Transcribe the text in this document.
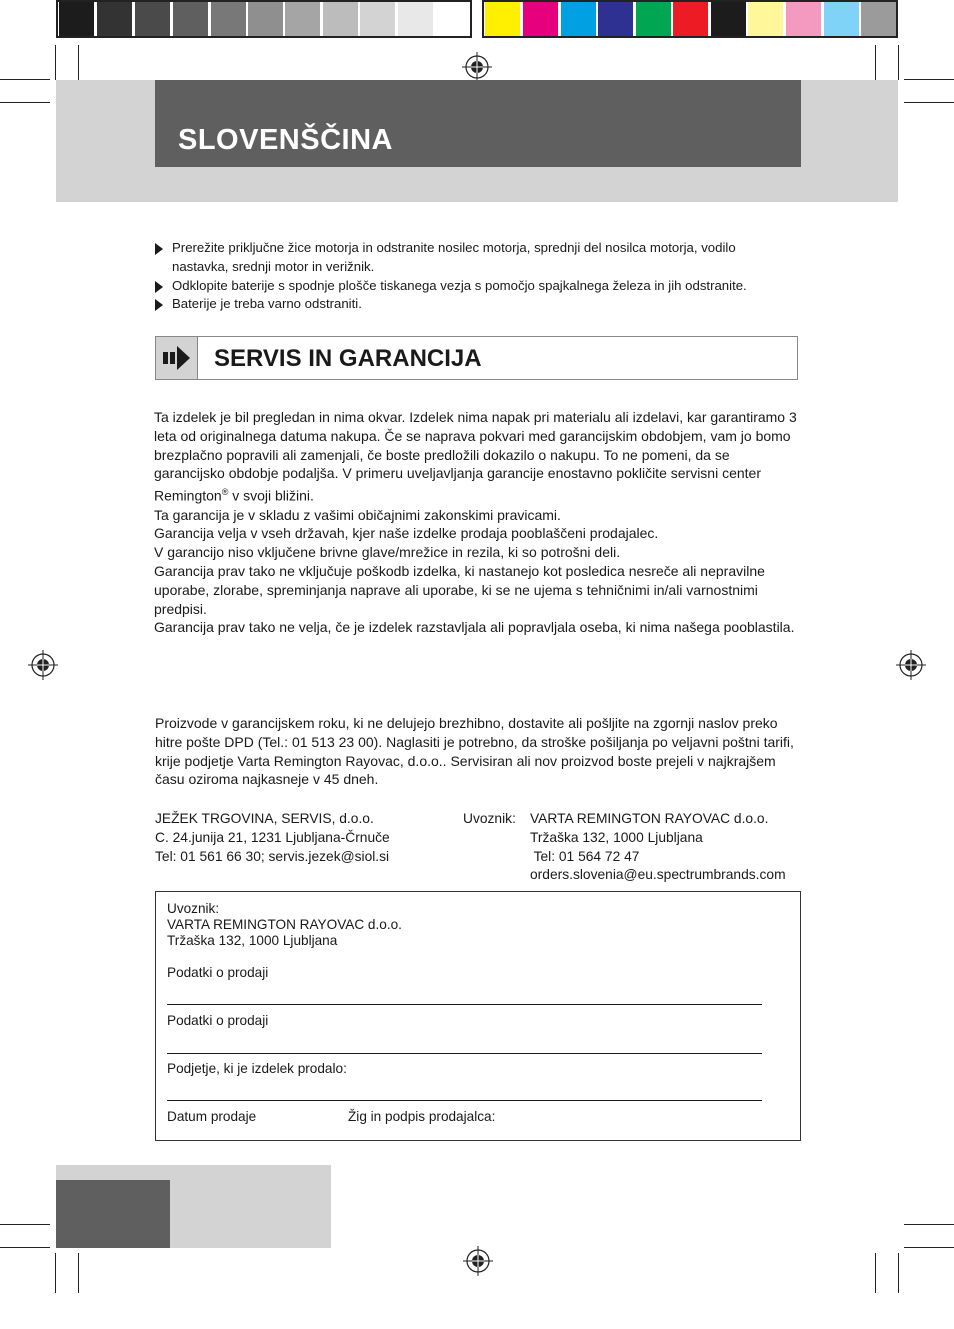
SLOVENŠČINA
Prerežite priključne žice motorja in odstranite nosilec motorja, sprednji del nosilca motorja, vodilo nastavka, srednji motor in verižnik.
Odklopite baterije s spodnje plošče tiskanega vezja s pomočjo spajkalnega železa in jih odstranite.
Baterije je treba varno odstraniti.
SERVIS IN GARANCIJA

Ta izdelek je bil pregledan in nima okvar. Izdelek nima napak pri materialu ali izdelavi, kar garantiramo 3 leta od originalnega datuma nakupa. Če se naprava pokvari med garancijskim obdobjem, vam jo bomo brezplačno popravili ali zamenjali, če boste predložili dokazilo o nakupu. To ne pomeni, da se garancijsko obdobje podaljša. V primeru uveljavljanja garancije enostavno pokličite servisni center Remington® v svoji bližini.

Ta garancija je v skladu z vašimi običajnimi zakonskimi pravicami.

Garancija velja v vseh državah, kjer naše izdelke prodaja pooblaščeni prodajalec.

V garancijo niso vključene brivne glave/mrežice in rezila, ki so potrošni deli.

Garancija prav tako ne vključuje poškodb izdelka, ki nastanejo kot posledica nesreče ali nepravilne uporabe, zlorabe, spreminjanja naprave ali uporabe, ki se ne ujema s tehničnimi in/ali varnostnimi predpisi.

Garancija prav tako ne velja, če je izdelek razstavljala ali popravljala oseba, ki nima našega pooblastila.

Proizvode v garancijskem roku, ki ne delujejo brezhibno, dostavite ali pošljite na zgornji naslov preko hitre pošte DPD (Tel.: 01 513 23 00). Naglasiti je potrebno, da stroške pošiljanja po veljavni poštni tarifi, krije podjetje Varta Remington Rayovac, d.o.o.. Servisiran ali nov proizvod boste prejeli v najkrajšem času oziroma najkasneje v 45 dneh.

JEŽEK TRGOVINA, SERVIS, d.o.o.
C. 24.junija 21, 1231 Ljubljana-Črnuče
Tel: 01 561 66 30; servis.jezek@siol.si
Uvoznik: VARTA REMINGTON RAYOVAC d.o.o.
Tržaška 132, 1000 Ljubljana
Tel: 01 564 72 47
orders.slovenia@eu.spectrumbrands.com
Uvoznik:
VARTA REMINGTON RAYOVAC d.o.o.
Tržaška 132, 1000 Ljubljana
Podatki o prodaji
Podatki o prodaji
Podjetje, ki je izdelek prodalo:
Datum prodaje	Žig in podpis prodajalca:
